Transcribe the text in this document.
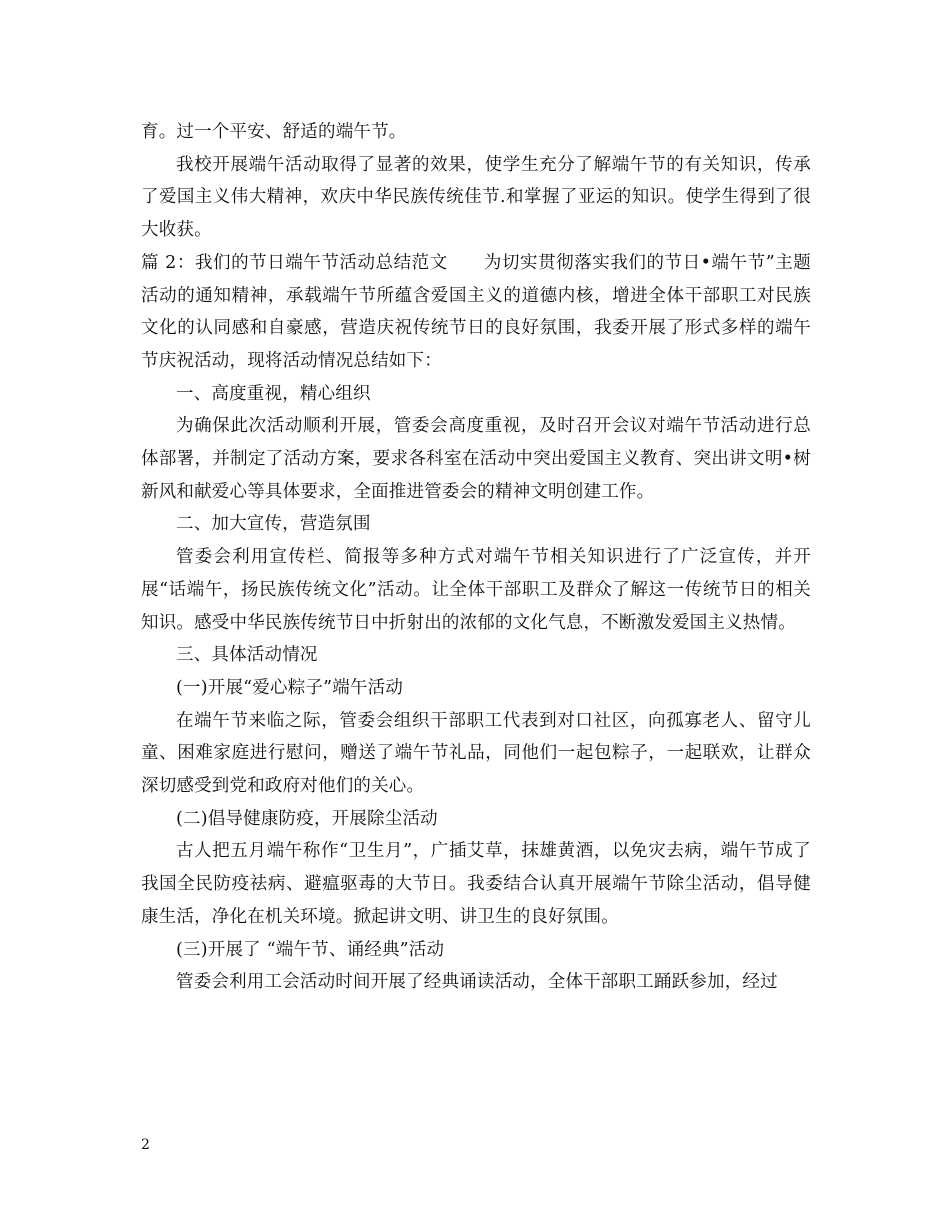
育。过一个平安、舒适的端午节。

我校开展端午活动取得了显著的效果，使学生充分了解端午节的有关知识，传承了爱国主义伟大精神，欢庆中华民族传统佳节.和掌握了亚运的知识。使学生得到了很大收获。

篇 2：我们的节日端午节活动总结范文　　为切实贯彻落实我们的节日•端午节”主题活动的通知精神，承载端午节所蕴含爱国主义的道德内核，增进全体干部职工对民族文化的认同感和自豪感，营造庆祝传统节日的良好氛围，我委开展了形式多样的端午节庆祝活动，现将活动情况总结如下：

一、高度重视，精心组织

为确保此次活动顺利开展，管委会高度重视，及时召开会议对端午节活动进行总体部署，并制定了活动方案，要求各科室在活动中突出爱国主义教育、突出讲文明•树新风和献爱心等具体要求，全面推进管委会的精神文明创建工作。

二、加大宣传，营造氛围

管委会利用宣传栏、简报等多种方式对端午节相关知识进行了广泛宣传，并开展“话端午，扬民族传统文化”活动。让全体干部职工及群众了解这一传统节日的相关知识。感受中华民族传统节日中折射出的浓郁的文化气息，不断激发爱国主义热情。

三、具体活动情况

(一)开展“爱心粽子”端午活动

在端午节来临之际，管委会组织干部职工代表到对口社区，向孤寡老人、留守儿童、困难家庭进行慰问，赠送了端午节礼品，同他们一起包粽子，一起联欢，让群众深切感受到党和政府对他们的关心。

(二)倡导健康防疫，开展除尘活动

古人把五月端午称作“卫生月”，广插艾草，抹雄黄酒，以免灾去病，端午节成了我国全民防疫祛病、避瘟驱毒的大节日。我委结合认真开展端午节除尘活动，倡导健康生活，净化在机关环境。掀起讲文明、讲卫生的良好氛围。

(三)开展了 “端午节、诵经典”活动

管委会利用工会活动时间开展了经典诵读活动，全体干部职工踊跃参加，经过

2
